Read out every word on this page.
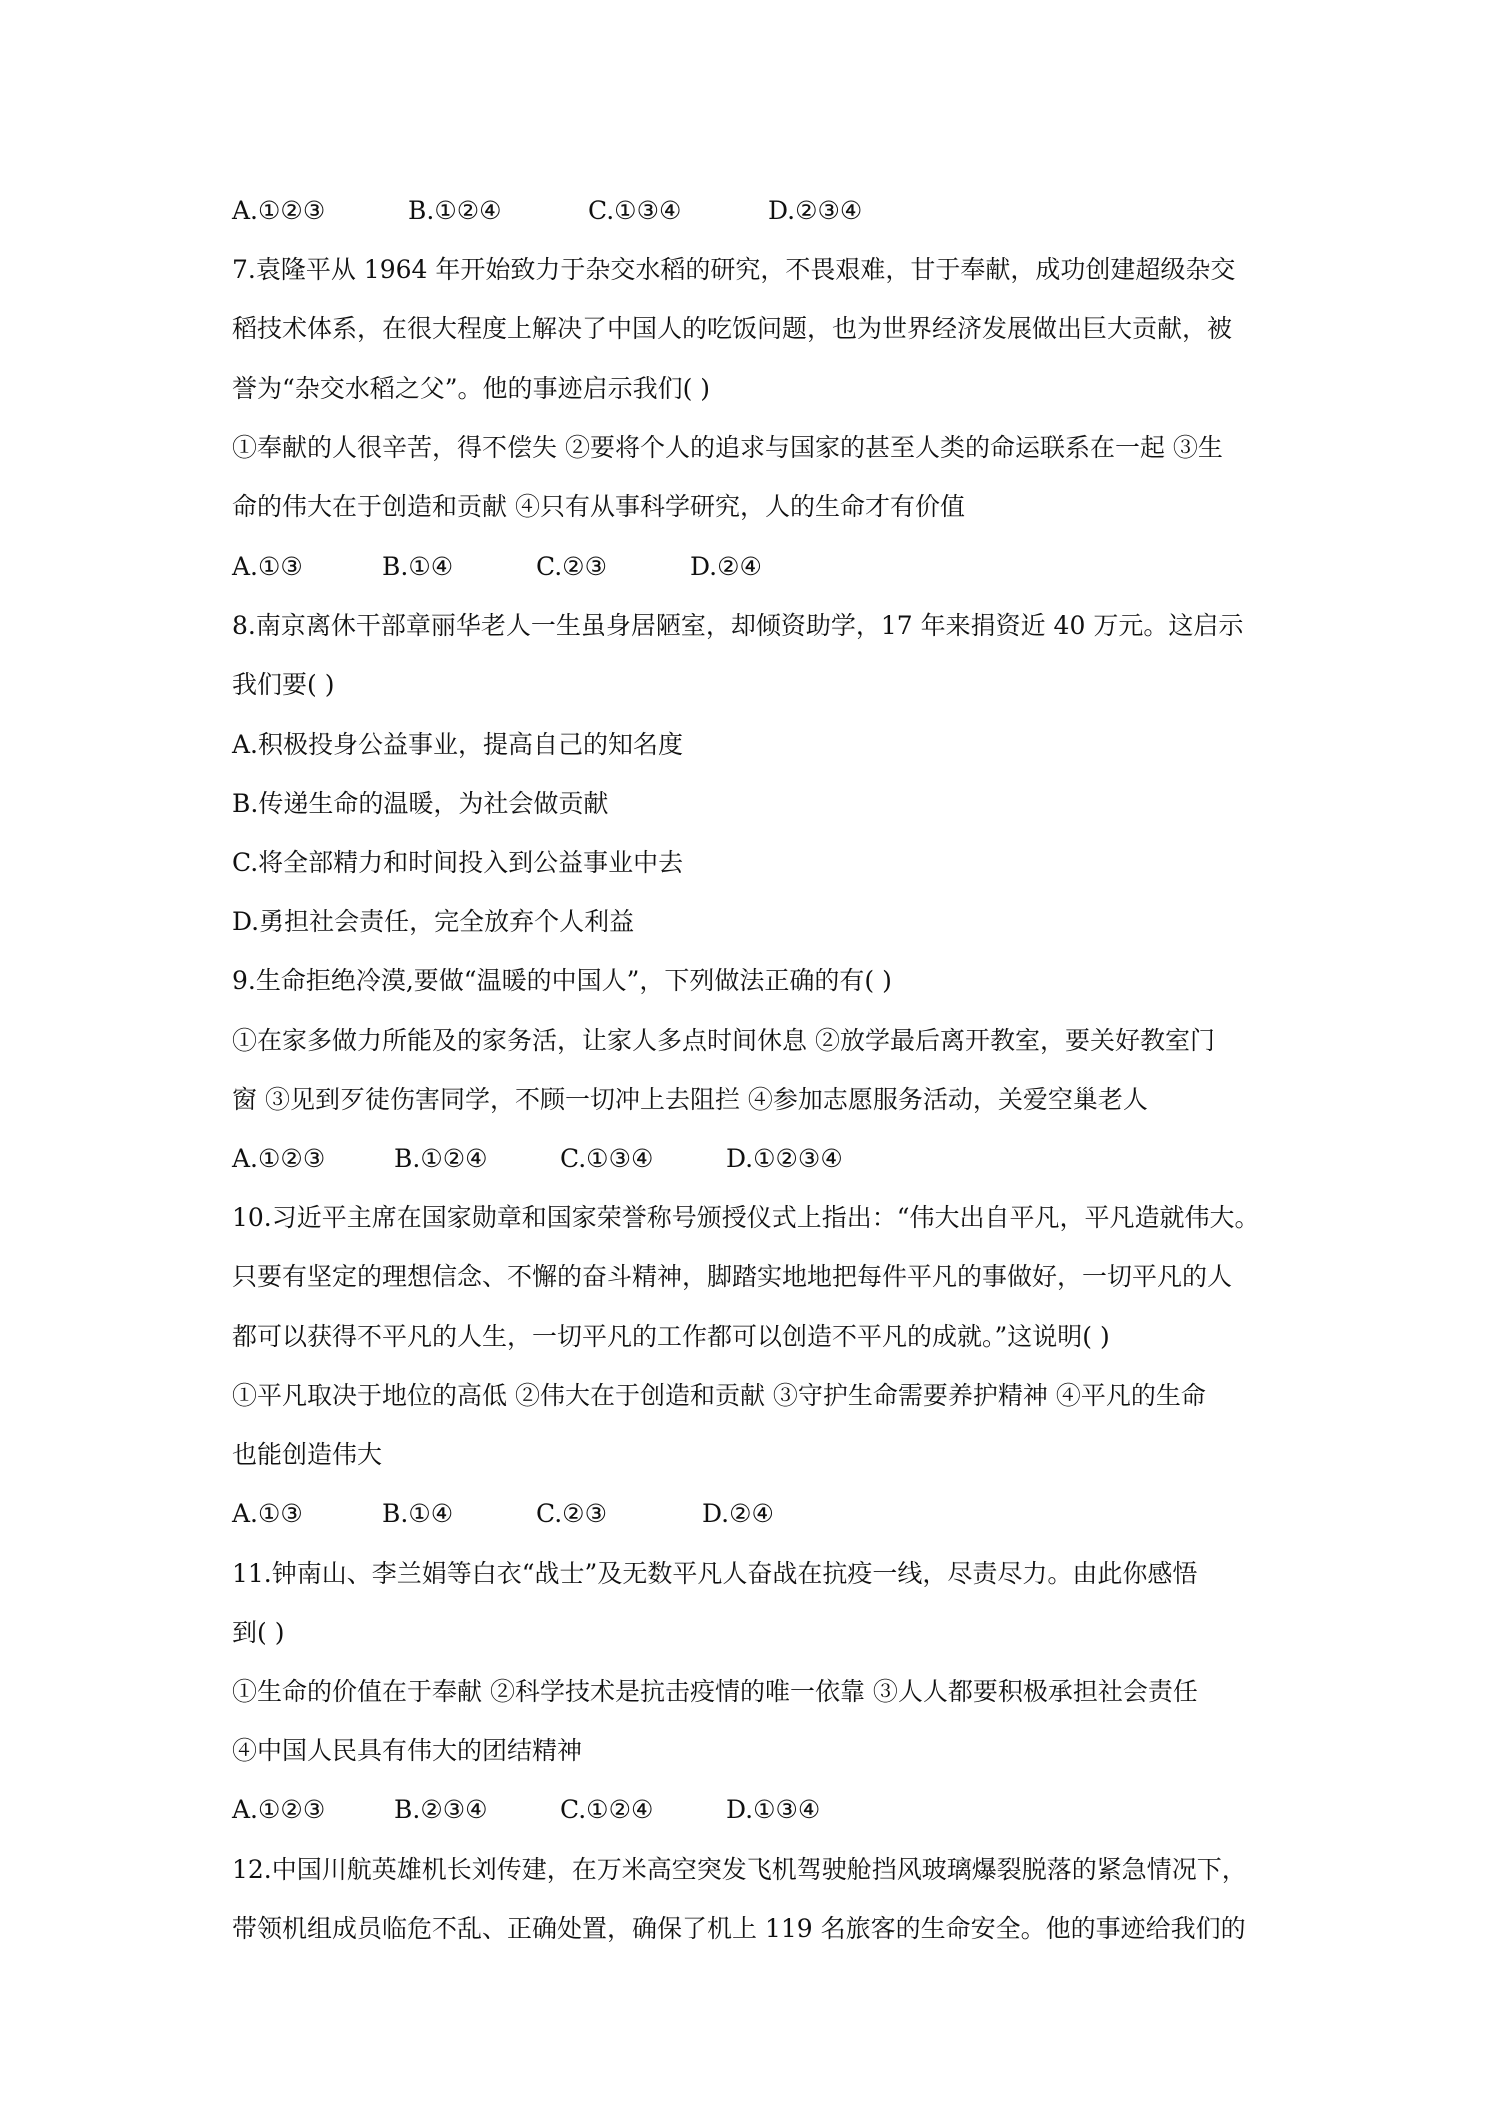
A.①②③	B.①②④	C.①③④	D.②③④
7.袁隆平从 1964 年开始致力于杂交水稻的研究，不畏艰难，甘于奉献，成功创建超级杂交
稻技术体系，在很大程度上解决了中国人的吃饭问题，也为世界经济发展做出巨大贡献，被
誉为“杂交水稻之父”。他的事迹启示我们( )
①奉献的人很辛苦，得不偿失 ②要将个人的追求与国家的甚至人类的命运联系在一起 ③生
命的伟大在于创造和贡献 ④只有从事科学研究，人的生命才有价值
A.①③	B.①④	C.②③	D.②④
8.南京离休干部章丽华老人一生虽身居陋室，却倾资助学，17 年来捐资近 40 万元。这启示
我们要( )
A.积极投身公益事业，提高自己的知名度
B.传递生命的温暖，为社会做贡献
C.将全部精力和时间投入到公益事业中去
D.勇担社会责任，完全放弃个人利益
9.生命拒绝冷漠,要做“温暖的中国人”，下列做法正确的有( )
①在家多做力所能及的家务活，让家人多点时间休息 ②放学最后离开教室，要关好教室门
窗 ③见到歹徒伤害同学，不顾一切冲上去阻拦 ④参加志愿服务活动，关爱空巢老人
A.①②③	B.①②④	C.①③④	D.①②③④
10.习近平主席在国家勋章和国家荣誉称号颁授仪式上指出：“伟大出自平凡，平凡造就伟大。
只要有坚定的理想信念、不懈的奋斗精神，脚踏实地地把每件平凡的事做好，一切平凡的人
都可以获得不平凡的人生，一切平凡的工作都可以创造不平凡的成就。”这说明( )
①平凡取决于地位的高低 ②伟大在于创造和贡献 ③守护生命需要养护精神 ④平凡的生命
也能创造伟大
A.①③	B.①④	C.②③	D.②④
11.钟南山、李兰娟等白衣“战士”及无数平凡人奋战在抗疫一线，尽责尽力。由此你感悟
到( )
①生命的价值在于奉献 ②科学技术是抗击疫情的唯一依靠 ③人人都要积极承担社会责任
④中国人民具有伟大的团结精神
A.①②③	B.②③④	C.①②④	D.①③④
12.中国川航英雄机长刘传建，在万米高空突发飞机驾驶舱挡风玻璃爆裂脱落的紧急情况下，
带领机组成员临危不乱、正确处置，确保了机上 119 名旅客的生命安全。他的事迹给我们的
